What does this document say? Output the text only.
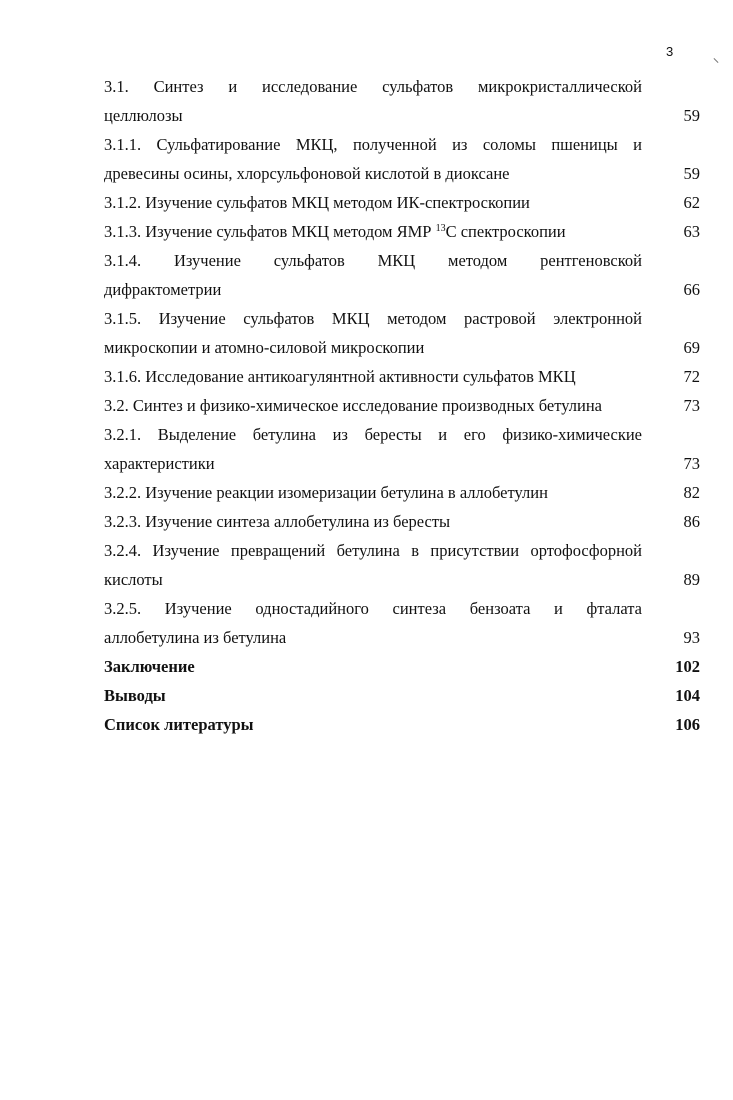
3
3.1. Синтез и исследование сульфатов микрокристаллической
целлюлозы	59
3.1.1. Сульфатирование МКЦ, полученной из соломы пшеницы и
древесины осины, хлорсульфоновой кислотой в диоксане	59
3.1.2. Изучение сульфатов МКЦ методом ИК-спектроскопии	62
3.1.3. Изучение сульфатов МКЦ методом ЯМР $^{13}$С спектроскопии	63
3.1.4. Изучение сульфатов МКЦ методом рентгеновской
дифрактометрии	66
3.1.5. Изучение сульфатов МКЦ методом растровой электронной
микроскопии и атомно-силовой микроскопии	69
3.1.6. Исследование антикоагулянтной активности сульфатов МКЦ	72
3.2. Синтез и физико-химическое исследование производных бетулина	73
3.2.1. Выделение бетулина из бересты и его физико-химические
характеристики	73
3.2.2. Изучение реакции изомеризации бетулина в аллобетулин	82
3.2.3. Изучение синтеза аллобетулина из бересты	86
3.2.4. Изучение превращений бетулина в присутствии ортофосфорной
кислоты	89
3.2.5. Изучение одностадийного синтеза бензоата и фталата
аллобетулина из бетулина	93
Заключение	102
Выводы	104
Список литературы	106
